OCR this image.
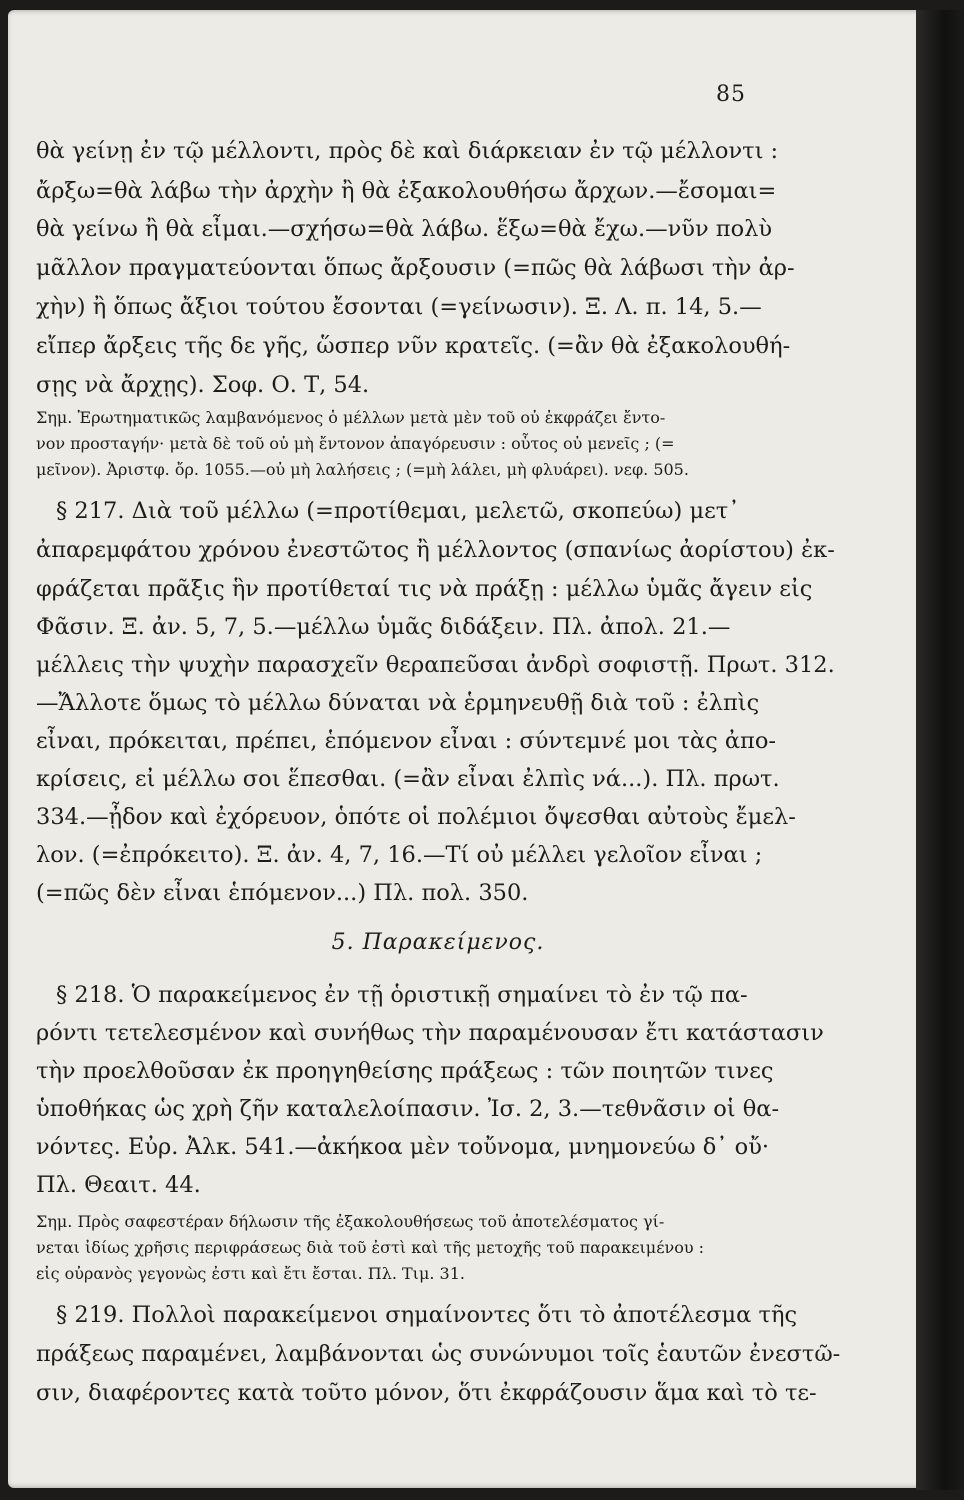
85
θὰ γείνῃ ἐν τῷ μέλλοντι, πρὸς δὲ καὶ διάρκειαν ἐν τῷ μέλλοντι :
ἄρξω=θὰ λάβω τὴν ἀρχὴν ἢ θὰ ἐξακολουθήσω ἄρχων.—ἔσομαι=
θὰ γείνω ἢ θὰ εἶμαι.—σχήσω=θὰ λάβω. ἕξω=θὰ ἔχω.—νῦν πολὺ
μᾶλλον πραγματεύονται ὅπως ἄρξουσιν (=πῶς θὰ λάβωσι τὴν ἀρ-
χὴν) ἢ ὅπως ἄξιοι τούτου ἔσονται (=γείνωσιν). Ξ. Λ. π. 14, 5.—
εἴπερ ἄρξεις τῆς δε γῆς, ὥσπερ νῦν κρατεῖς. (=ἂν θὰ ἐξακολουθή-
σῃς νὰ ἄρχῃς). Σοφ. Ο. Τ, 54.
Σημ. Ἐρωτηματικῶς λαμβανόμενος ὁ μέλλων μετὰ μὲν τοῦ οὐ ἐκφράζει ἔντο-
νον προσταγήν· μετὰ δὲ τοῦ οὐ μὴ ἔντονον ἀπαγόρευσιν : οὗτος οὐ μενεῖς ; (=
μεῖνον). Ἀριστφ. ὄρ. 1055.—οὐ μὴ λαλήσεις ; (=μὴ λάλει, μὴ φλυάρει). νεφ. 505.
§ 217. Διὰ τοῦ μέλλω (=προτίθεμαι, μελετῶ, σκοπεύω) μετ᾿
ἀπαρεμφάτου χρόνου ἐνεστῶτος ἢ μέλλοντος (σπανίως ἀορίστου) ἐκ-
φράζεται πρᾶξις ἣν προτίθεταί τις νὰ πράξῃ : μέλλω ὑμᾶς ἄγειν εἰς
Φᾶσιν. Ξ. ἀν. 5, 7, 5.—μέλλω ὑμᾶς διδάξειν. Πλ. ἀπολ. 21.—
μέλλεις τὴν ψυχὴν παρασχεῖν θεραπεῦσαι ἀνδρὶ σοφιστῇ. Πρωτ. 312.
—Ἄλλοτε ὅμως τὸ μέλλω δύναται νὰ ἑρμηνευθῇ διὰ τοῦ : ἐλπὶς
εἶναι, πρόκειται, πρέπει, ἑπόμενον εἶναι : σύντεμνέ μοι τὰς ἀπο-
κρίσεις, εἰ μέλλω σοι ἕπεσθαι. (=ἂν εἶναι ἐλπὶς νά...). Πλ. πρωτ.
334.—ᾖδον καὶ ἐχόρευον, ὁπότε οἱ πολέμιοι ὄψεσθαι αὐτοὺς ἔμελ-
λον. (=ἐπρόκειτο). Ξ. ἀν. 4, 7, 16.—Τί οὐ μέλλει γελοῖον εἶναι ;
(=πῶς δὲν εἶναι ἑπόμενον...) Πλ. πολ. 350.
5. Παρακείμενος.
§ 218. Ὁ παρακείμενος ἐν τῇ ὁριστικῇ σημαίνει τὸ ἐν τῷ πα-
ρόντι τετελεσμένον καὶ συνήθως τὴν παραμένουσαν ἔτι κατάστασιν
τὴν προελθοῦσαν ἐκ προηγηθείσης πράξεως : τῶν ποιητῶν τινες
ὑποθήκας ὡς χρὴ ζῆν καταλελοίπασιν. Ἰσ. 2, 3.—τεθνᾶσιν οἱ θα-
νόντες. Εὐρ. Ἀλκ. 541.—ἀκήκοα μὲν τοὔνομα, μνημονεύω δ᾿ οὔ·
Πλ. Θεαιτ. 44.
Σημ. Πρὸς σαφεστέραν δήλωσιν τῆς ἐξακολουθήσεως τοῦ ἀποτελέσματος γί-
νεται ἰδίως χρῆσις περιφράσεως διὰ τοῦ ἐστὶ καὶ τῆς μετοχῆς τοῦ παρακειμένου :
εἰς οὐρανὸς γεγονὼς ἐστι καὶ ἔτι ἔσται. Πλ. Τιμ. 31.
§ 219. Πολλοὶ παρακείμενοι σημαίνοντες ὅτι τὸ ἀποτέλεσμα τῆς
πράξεως παραμένει, λαμβάνονται ὡς συνώνυμοι τοῖς ἑαυτῶν ἐνεστῶ-
σιν, διαφέροντες κατὰ τοῦτο μόνον, ὅτι ἐκφράζουσιν ἅμα καὶ τὸ τε-
